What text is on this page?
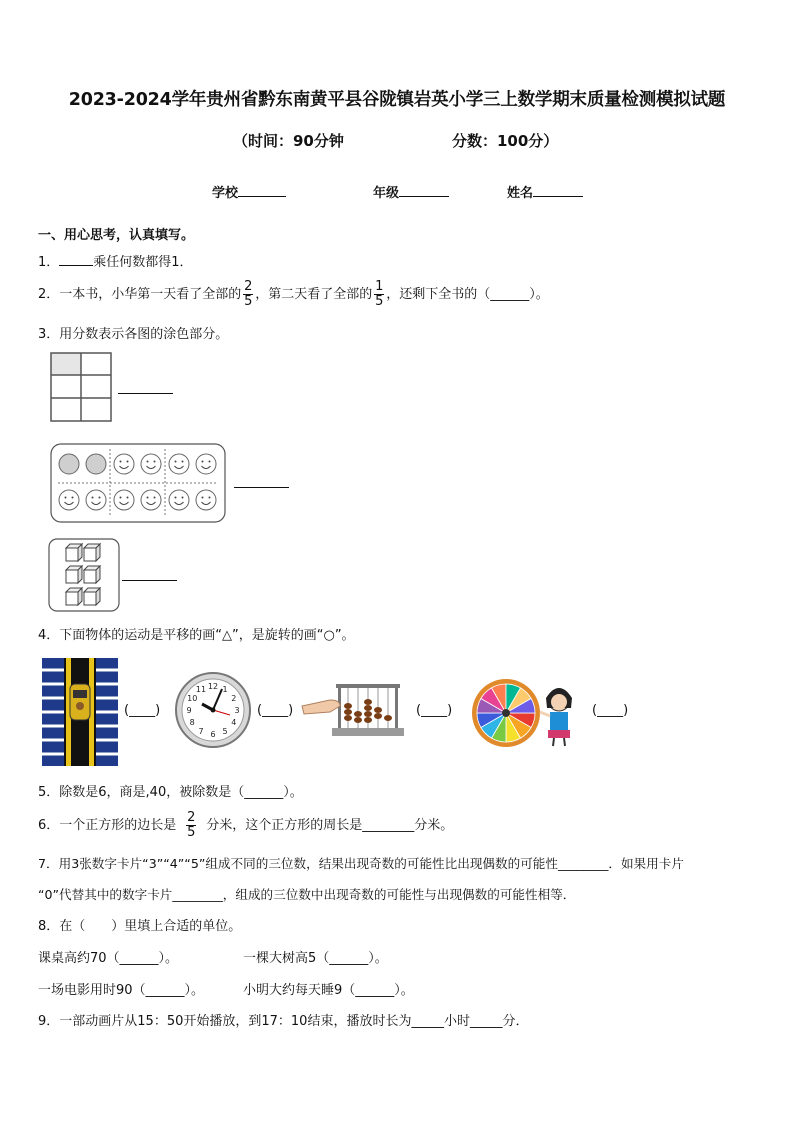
2023-2024学年贵州省黔东南黄平县谷陇镇岩英小学三上数学期末质量检测模拟试题
（时间：90分钟	分数：100分）
学校	年级	姓名
一、用心思考，认真填写。
1．	乘任何数都得1．
2．一本书，小华第一天看了全部的 $\frac{2}{5}$ ，第二天看了全部的 $\frac{1}{5}$ ，还剩下全书的（______）。
3．用分数表示各图的涂色部分。
4．下面物体的运动是平移的画“△”，是旋转的画“○”。
(____)
1
2
3
4
5
6
7
8
9
10
11 12
(____)	(____)	(____)
5．除数是6，商是,40，被除数是（______）。
6．一个正方形的边长是 $\frac{2}{5}$ 分米，这个正方形的周长是________分米。
7．用3张数字卡片“3”“4”“5”组成不同的三位数，结果出现奇数的可能性比出现偶数的可能性________．如果用卡片
“0”代替其中的数字卡片________，组成的三位数中出现奇数的可能性与出现偶数的可能性相等．
8．在（　　）里填上合适的单位。
课桌高约70（______）。	一棵大树高5（______）。
一场电影用时90（______）。	小明大约每天睡9（______）。
9．一部动画片从15：50开始播放，到17：10结束，播放时长为_____小时_____分．
